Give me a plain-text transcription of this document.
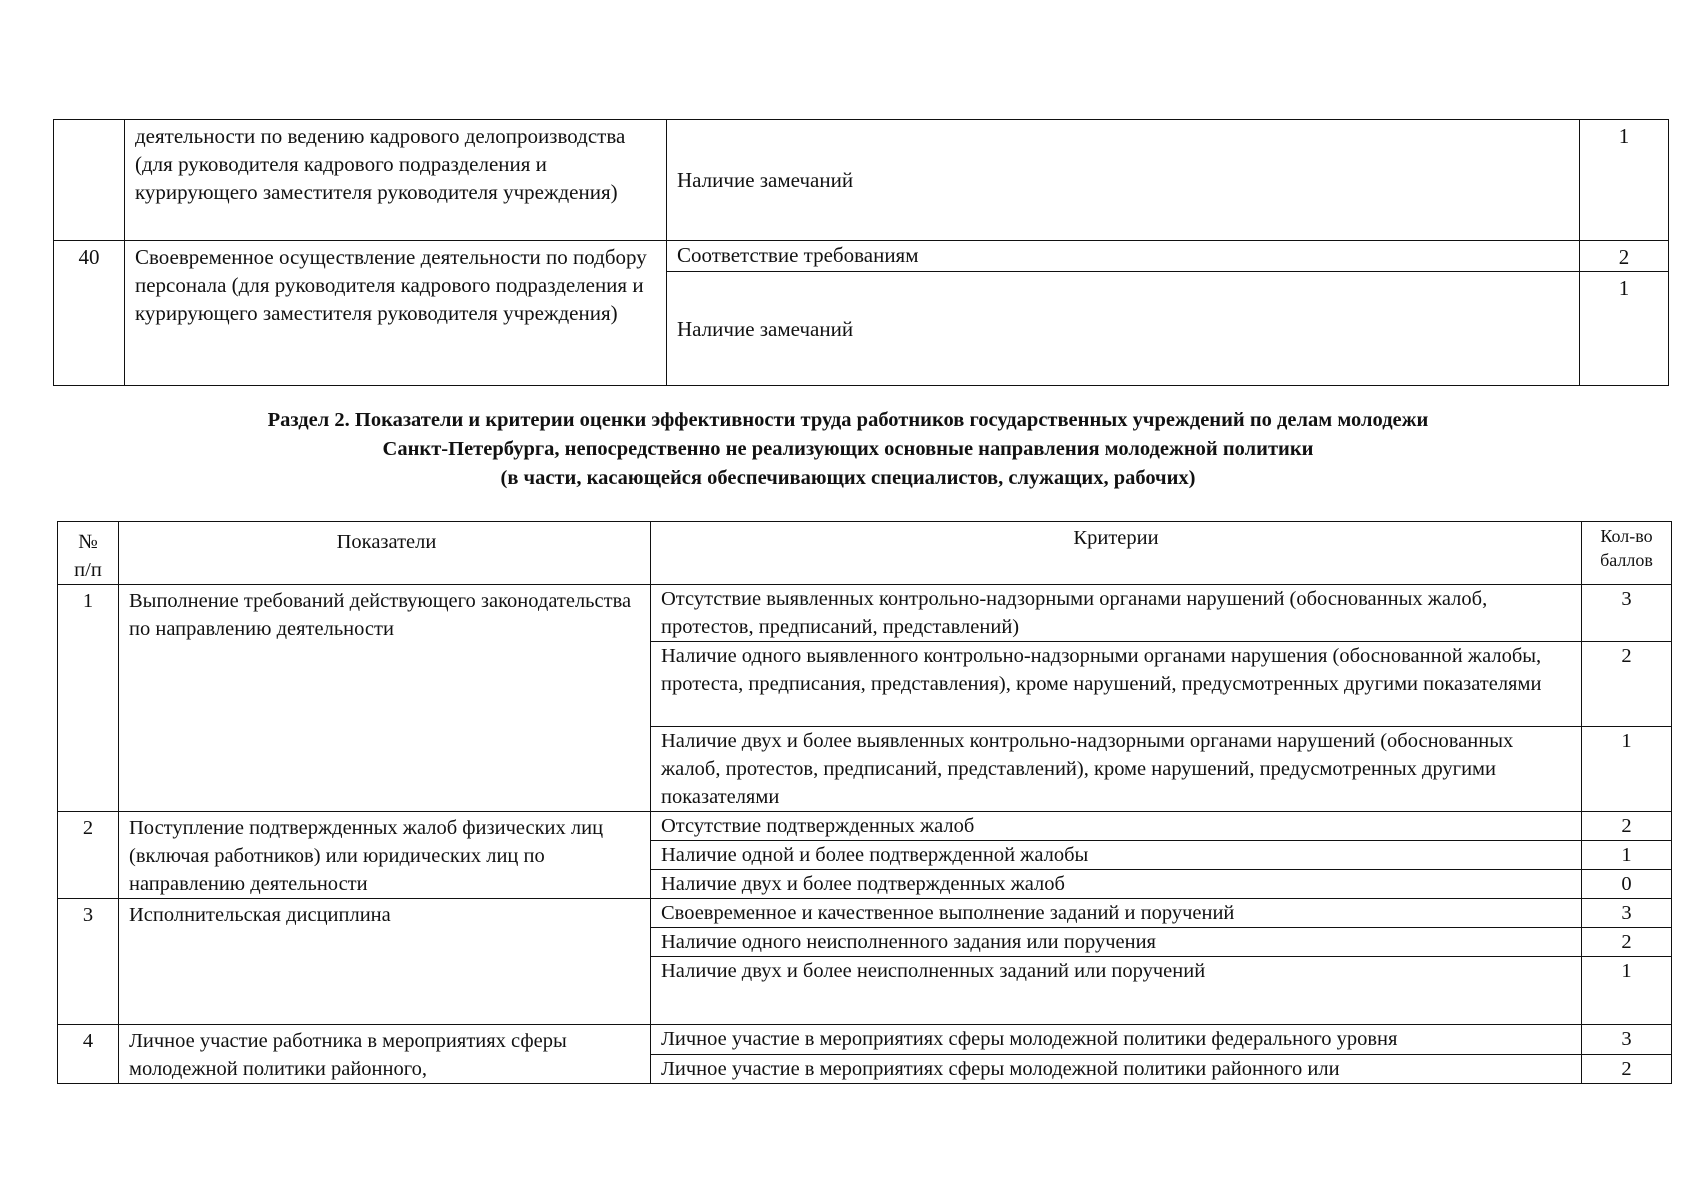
	деятельности по ведению кадрового делопроизводства (для руководителя кадрового подразделения и курирующего заместителя руководителя учреждения)	Наличие замечаний	1
40	Своевременное осуществление деятельности по подбору персонала (для руководителя кадрового подразделения и курирующего заместителя руководителя учреждения)	Соответствие требованиям	2
		Наличие замечаний	1
Раздел 2. Показатели и критерии оценки эффективности труда работников государственных учреждений по делам молодежи
Санкт-Петербурга, непосредственно не реализующих основные направления молодежной политики
(в части, касающейся обеспечивающих специалистов, служащих, рабочих)
№ п/п	Показатели	Критерии	Кол-во баллов
1	Выполнение требований действующего законодательства по направлению деятельности	Отсутствие выявленных контрольно-надзорными органами нарушений (обоснованных жалоб, протестов, предписаний, представлений)	3
		Наличие одного выявленного контрольно-надзорными органами нарушения (обоснованной жалобы, протеста, предписания, представления), кроме нарушений, предусмотренных другими показателями	2
		Наличие двух и более выявленных контрольно-надзорными органами нарушений (обоснованных жалоб, протестов, предписаний, представлений), кроме нарушений, предусмотренных другими показателями	1
2	Поступление подтвержденных жалоб физических лиц (включая работников) или юридических лиц по направлению деятельности	Отсутствие подтвержденных жалоб	2
		Наличие одной и более подтвержденной жалобы	1
		Наличие двух и более подтвержденных жалоб	0
3	Исполнительская дисциплина	Своевременное и качественное выполнение заданий и поручений	3
		Наличие одного неисполненного задания или поручения	2
		Наличие двух и более неисполненных заданий или поручений	1
4	Личное участие работника в мероприятиях сферы молодежной политики районного,	Личное участие в мероприятиях сферы молодежной политики федерального уровня	3
		Личное участие в мероприятиях сферы молодежной политики районного или	2
